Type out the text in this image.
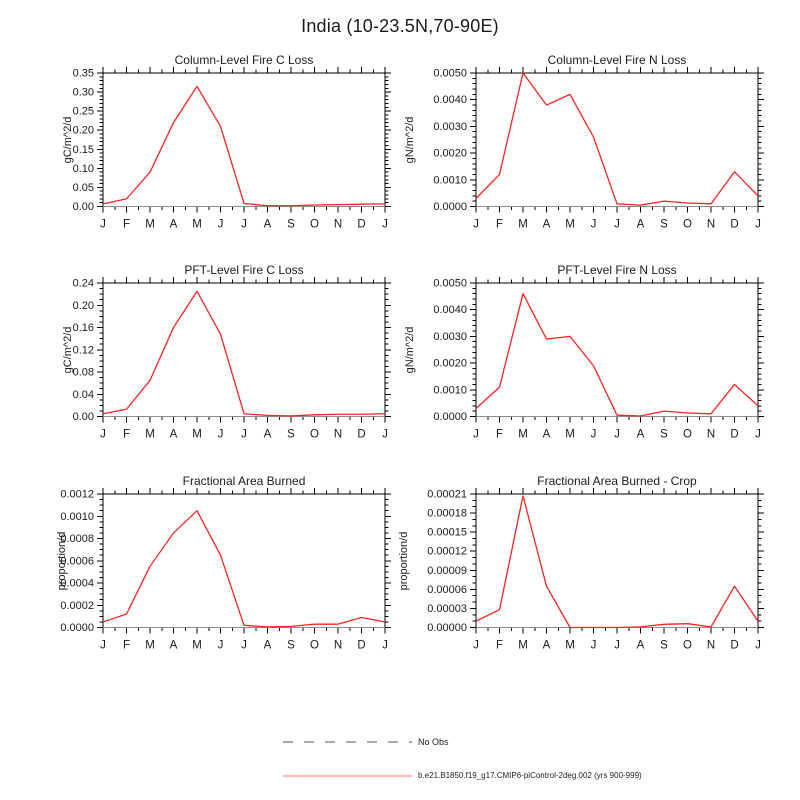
India (10-23.5N,70-90E)
Column-Level Fire C Loss	Column-Level Fire N Loss
PFT-Level Fire C Loss	PFT-Level Fire N Loss
Fractional Area Burned	Fractional Area Burned - Crop
gC/m^2/d	gN/m^2/d
gC/m^2/d	gN/m^2/d
proportion/d	proportion/d
0.00
0.05
0.10
0.15
0.20
0.25
0.30
0.35
J F M A M J J A S O N D J
0.0000
0.0010
0.0020
0.0030
0.0040
0.0050
J F M A M J J A S O N D J
0.00
0.04
0.08
0.12
0.16
0.20
0.24
J F M A M J J A S O N D J
0.0000
0.0010
0.0020
0.0030
0.0040
0.0050
J F M A M J J A S O N D J
0.0000
0.0002
0.0004
0.0006
0.0008
0.0010
0.0012
J F M A M J J A S O N D J
0.00000
0.00003
0.00006
0.00009
0.00012
0.00015
0.00018
0.00021
J F M A M J J A S O N D J
No Obs
b.e21.B1850.f19_g17.CMIP6-piControl-2deg.002 (yrs 900-999)
